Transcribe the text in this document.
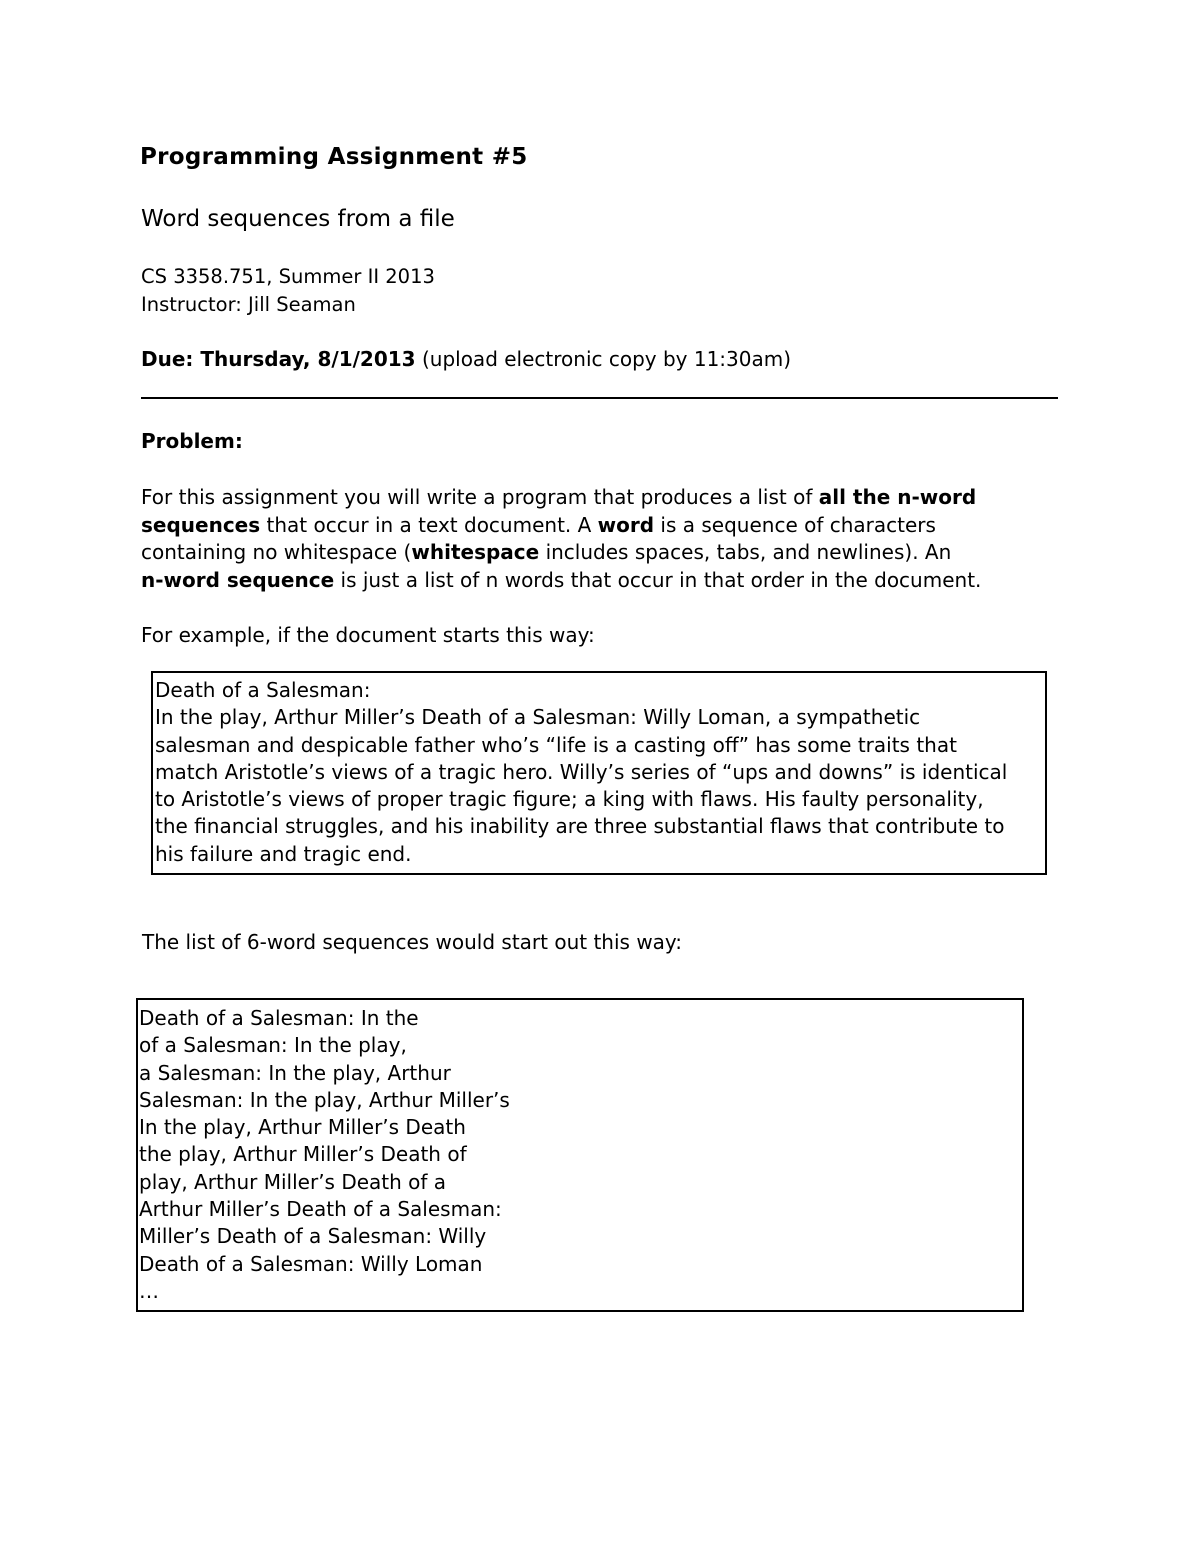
Programming Assignment #5
Word sequences from a file
CS 3358.751, Summer II 2013
Instructor: Jill Seaman
Due: Thursday, 8/1/2013 (upload electronic copy by 11:30am)
Problem:
For this assignment you will write a program that produces a list of all the n-word
sequences that occur in a text document. A word is a sequence of characters
containing no whitespace (whitespace includes spaces, tabs, and newlines). An
n-word sequence is just a list of n words that occur in that order in the document.
For example, if the document starts this way:
Death of a Salesman:
In the play, Arthur Miller’s Death of a Salesman: Willy Loman, a sympathetic
salesman and despicable father who’s “life is a casting off” has some traits that
match Aristotle’s views of a tragic hero. Willy’s series of “ups and downs” is identical
to Aristotle’s views of proper tragic figure; a king with flaws. His faulty personality,
the financial struggles, and his inability are three substantial flaws that contribute to
his failure and tragic end.
The list of 6-word sequences would start out this way:
Death of a Salesman: In the
of a Salesman: In the play,
a Salesman: In the play, Arthur
Salesman: In the play, Arthur Miller’s
In the play, Arthur Miller’s Death
the play, Arthur Miller’s Death of
play, Arthur Miller’s Death of a
Arthur Miller’s Death of a Salesman:
Miller’s Death of a Salesman: Willy
Death of a Salesman: Willy Loman
…
